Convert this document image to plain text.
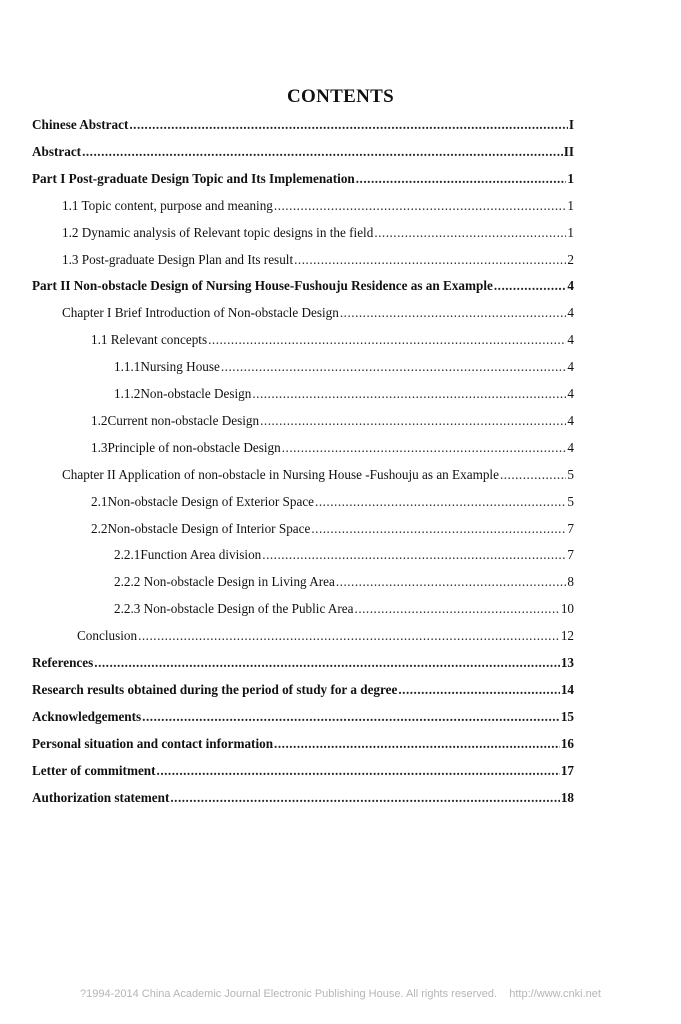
CONTENTS
Chinese Abstract .....	I
Abstract .....	II
Part I Post-graduate Design Topic and Its Implemenation .....	1
1.1 Topic content, purpose and meaning .....	1
1.2 Dynamic analysis of Relevant topic designs in the field .....	1
1.3 Post-graduate Design Plan and Its result .....	2
Part II Non-obstacle Design of Nursing House-Fushouju Residence as an Example .....	4
Chapter I Brief Introduction of Non-obstacle Design .....	4
1.1 Relevant concepts .....	4
1.1.1Nursing House .....	4
1.1.2Non-obstacle Design .....	4
1.2Current non-obstacle Design .....	4
1.3Principle of non-obstacle Design .....	4
Chapter II Application of non-obstacle in Nursing House -Fushouju as an Example .....	5
2.1Non-obstacle Design of Exterior Space .....	5
2.2Non-obstacle Design of Interior Space .....	7
2.2.1Function Area division .....	7
2.2.2 Non-obstacle Design in Living Area .....	8
2.2.3 Non-obstacle Design of the Public Area .....	10
Conclusion .....	12
References .....	13
Research results obtained during the period of study for a degree .....	14
Acknowledgements .....	15
Personal situation and contact information .....	16
Letter of commitment .....	17
Authorization statement .....	18
?1994-2014 China Academic Journal Electronic Publishing House. All rights reserved.    http://www.cnki.net
